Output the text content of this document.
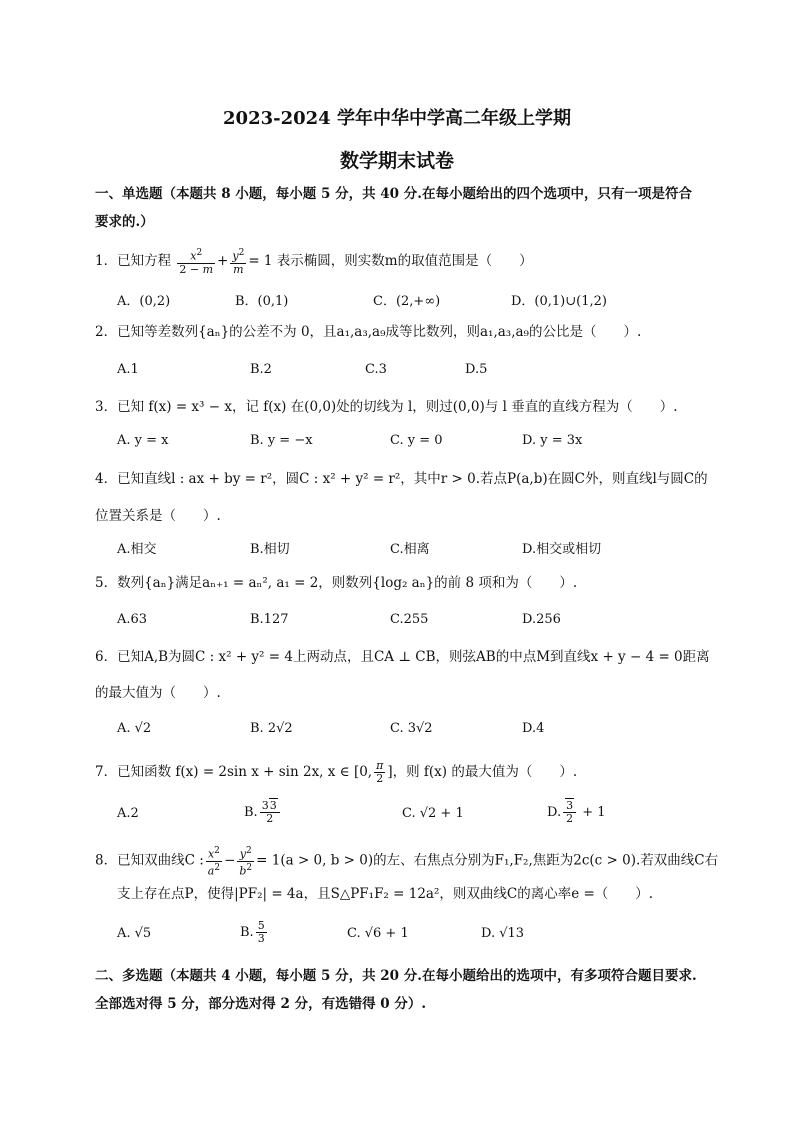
2023-2024 学年中华中学高二年级上学期
数学期末试卷
一、单选题（本题共 8 小题，每小题 5 分，共 40 分.在每小题给出的四个选项中，只有一项是符合
要求的.）
1．已知方程 $\frac{x^2}{2 - m} + \frac{y^2}{m} = 1$ 表示椭圆，则实数m的取值范围是（　　）
A．(0,2)	B．(0,1)	C．(2,+∞)	D．(0,1)∪(1,2)
2．已知等差数列{aₙ}的公差不为 0，且a₁,a₃,a₉成等比数列，则a₁,a₃,a₉的公比是（　　）.
A.1	B.2	C.3	D.5
3．已知 f(x) = x³ − x，记 f(x) 在(0,0)处的切线为 l，则过(0,0)与 l 垂直的直线方程为（　　）.
A. y = x	B. y = −x	C. y = 0	D. y = 3x
4．已知直线l : ax + by = r²，圆C : x² + y² = r²，其中r > 0.若点P(a,b)在圆C外，则直线l与圆C的
位置关系是（　　）.
A.相交	B.相切	C.相离	D.相交或相切
5．数列{aₙ}满足aₙ₊₁ = aₙ², a₁ = 2，则数列{log₂ aₙ}的前 8 项和为（　　）.
A.63	B.127	C.255	D.256
6．已知A,B为圆C : x² + y² = 4上两动点，且CA ⊥ CB，则弦AB的中点M到直线x + y − 4 = 0距离
的最大值为（　　）.
A. √2	B. 2√2	C. 3√2	D.4
7．已知函数 f(x) = 2sin x + sin 2x, x ∈ [0, $\frac{\pi}{2}$ ]，则 f(x) 的最大值为（　　）.
A.2	B. $\frac{33}{2}$	C. √2 + 1	D. $\frac{3}{2} + 1$
8．已知双曲线C : $\frac{x^2}{a^2} - \frac{y^2}{b^2} = 1(a > 0$, b > 0)的左、右焦点分别为F₁,F₂,焦距为2c(c > 0).若双曲线C右
支上存在点P，使得|PF₂| = 4a，且S△PF₁F₂ = 12a²，则双曲线C的离心率e =（　　）.
A. √5	B. $\frac{5}{3}$	C. √6 + 1	D. √13
二、多选题（本题共 4 小题，每小题 5 分，共 20 分.在每小题给出的选项中，有多项符合题目要求.
全部选对得 5 分，部分选对得 2 分，有选错得 0 分）.
